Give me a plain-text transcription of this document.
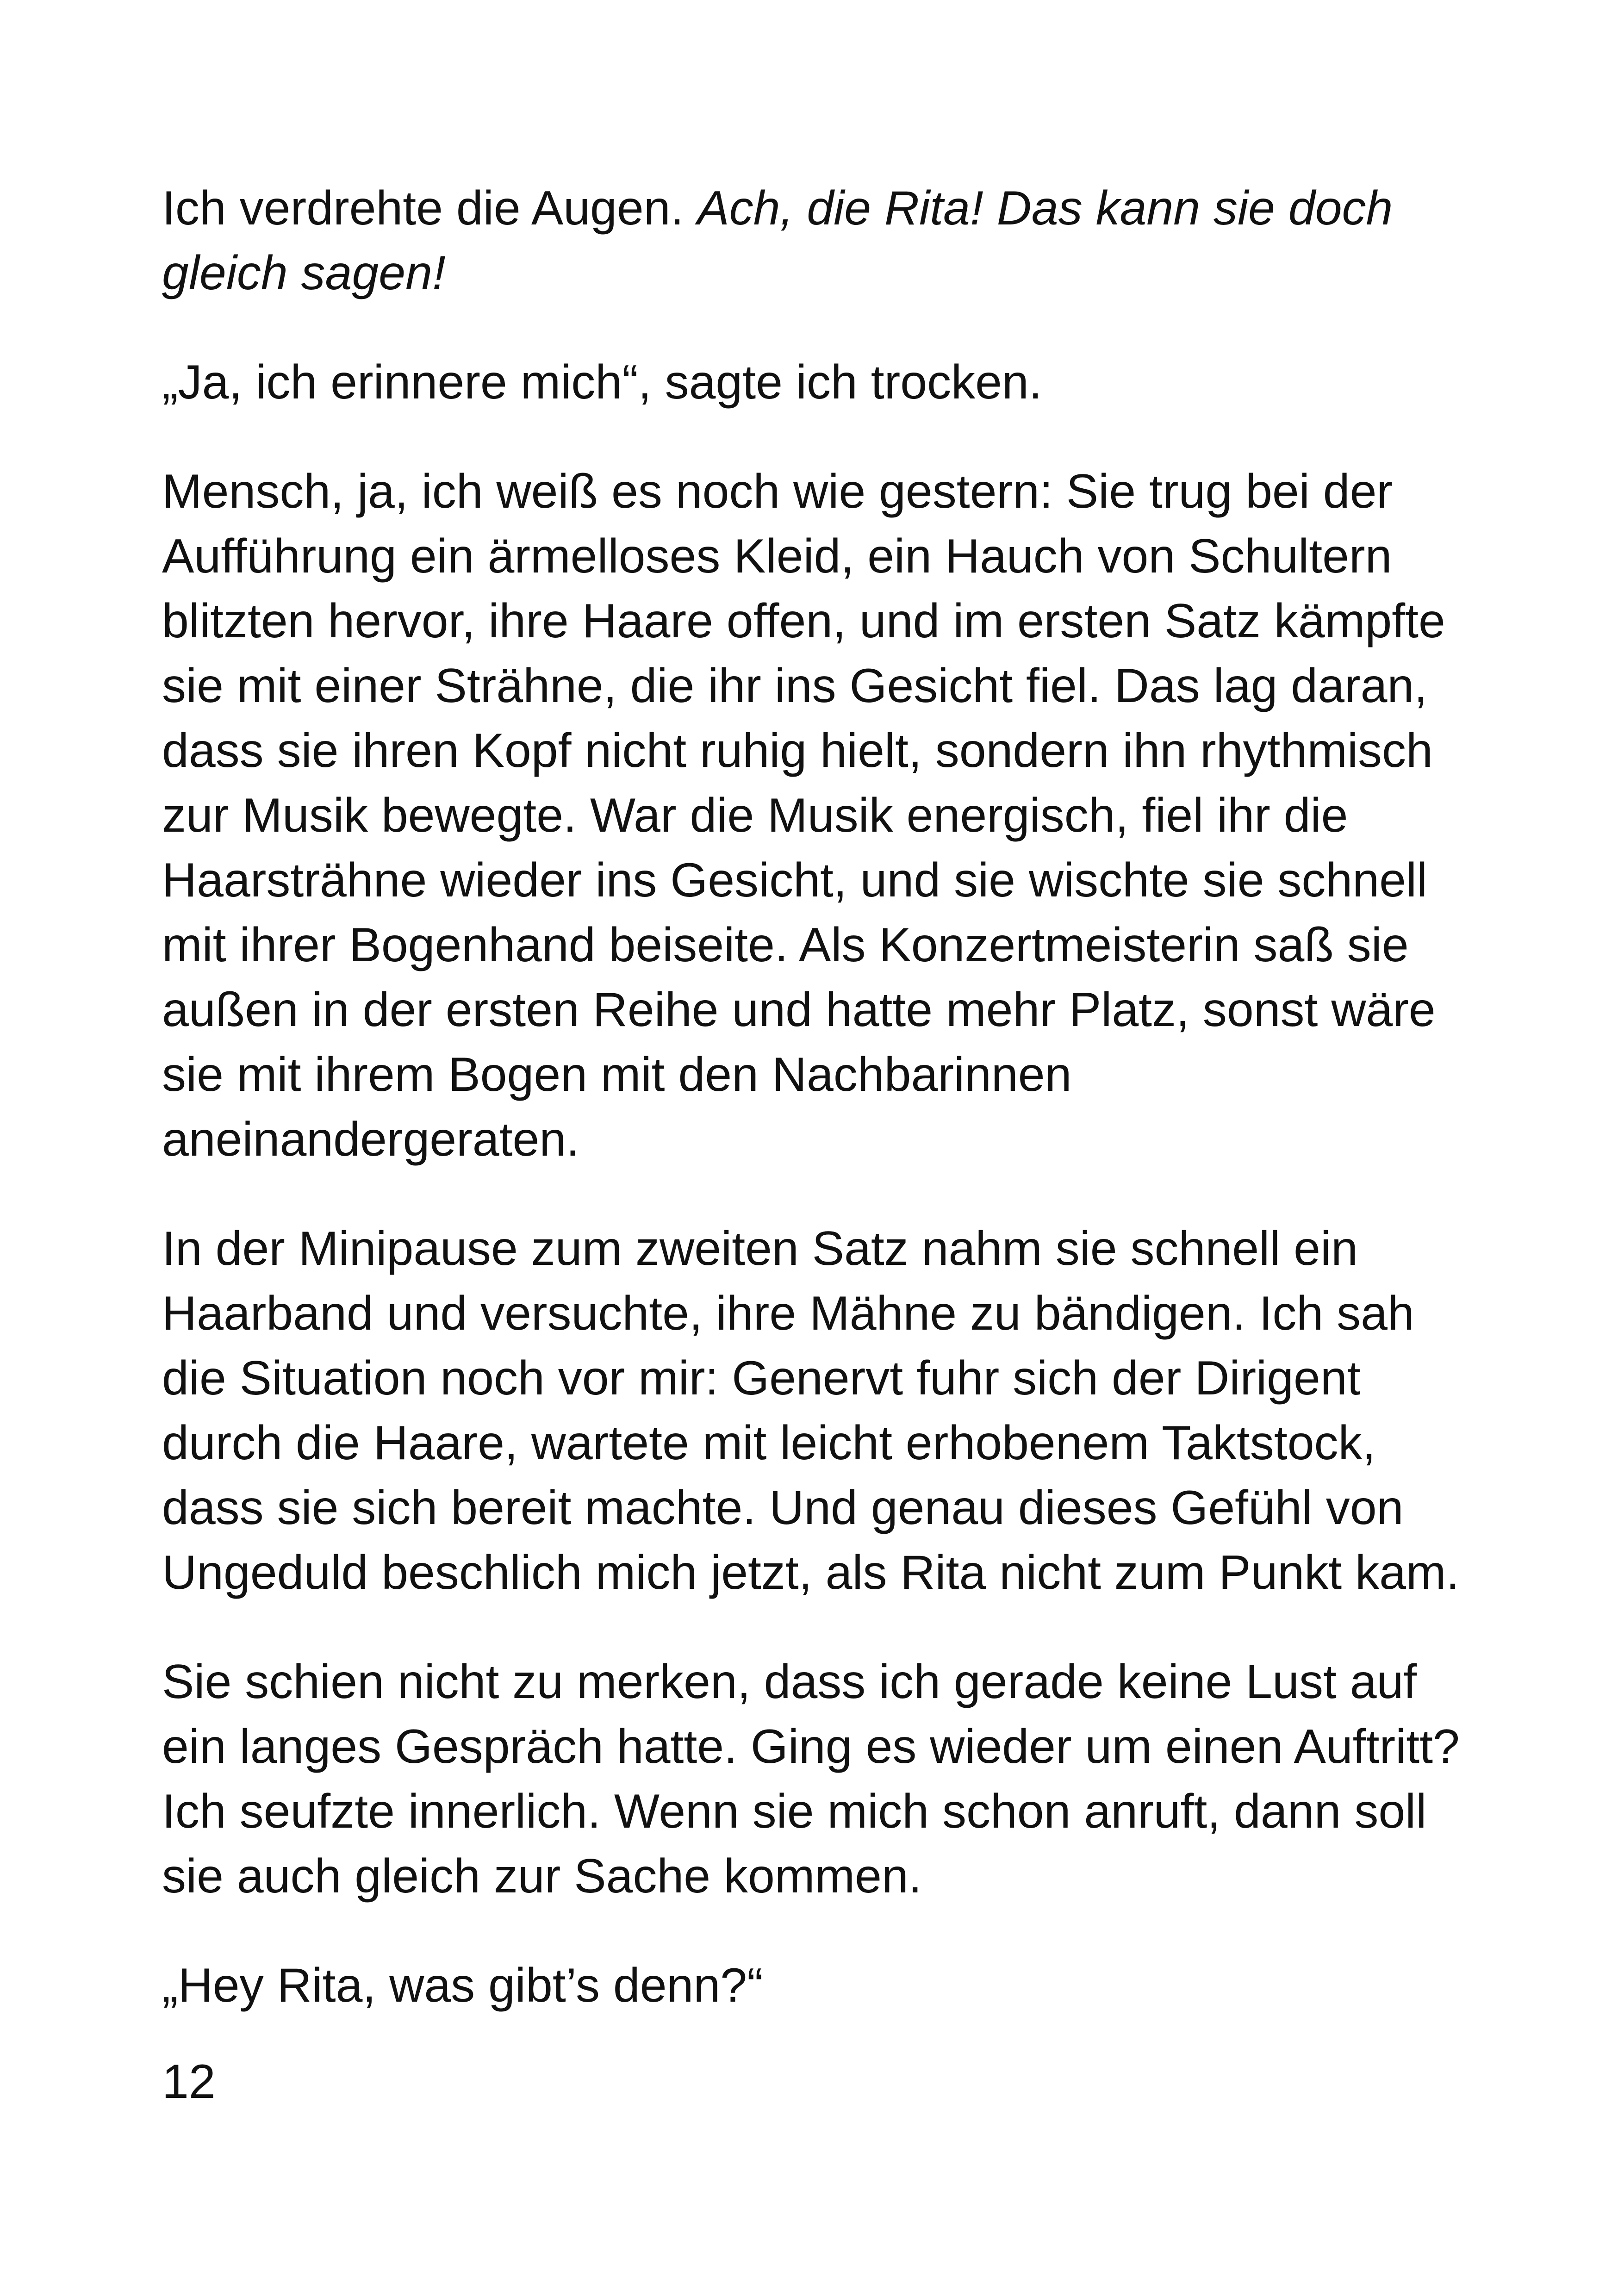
Ich verdrehte die Augen. Ach, die Rita! Das kann sie doch gleich sagen!

„Ja, ich erinnere mich“, sagte ich trocken.

Mensch, ja, ich weiß es noch wie gestern: Sie trug bei der Aufführung ein ärmelloses Kleid, ein Hauch von Schultern blitzten hervor, ihre Haare offen, und im ersten Satz kämpfte sie mit einer Strähne, die ihr ins Gesicht fiel. Das lag daran, dass sie ihren Kopf nicht ruhig hielt, sondern ihn rhythmisch zur Musik bewegte. War die Musik energisch, fiel ihr die Haarsträhne wieder ins Gesicht, und sie wischte sie schnell mit ihrer Bogenhand beiseite. Als Konzertmeisterin saß sie außen in der ersten Reihe und hatte mehr Platz, sonst wäre sie mit ihrem Bogen mit den Nachbarinnen aneinandergeraten.

In der Minipause zum zweiten Satz nahm sie schnell ein Haarband und versuchte, ihre Mähne zu bändigen. Ich sah die Situation noch vor mir: Genervt fuhr sich der Dirigent durch die Haare, wartete mit leicht erhobenem Taktstock, dass sie sich bereit machte. Und genau dieses Gefühl von Ungeduld beschlich mich jetzt, als Rita nicht zum Punkt kam.

Sie schien nicht zu merken, dass ich gerade keine Lust auf ein langes Gespräch hatte. Ging es wieder um einen Auftritt? Ich seufzte innerlich. Wenn sie mich schon anruft, dann soll sie auch gleich zur Sache kommen.

„Hey Rita, was gibt’s denn?“

12
